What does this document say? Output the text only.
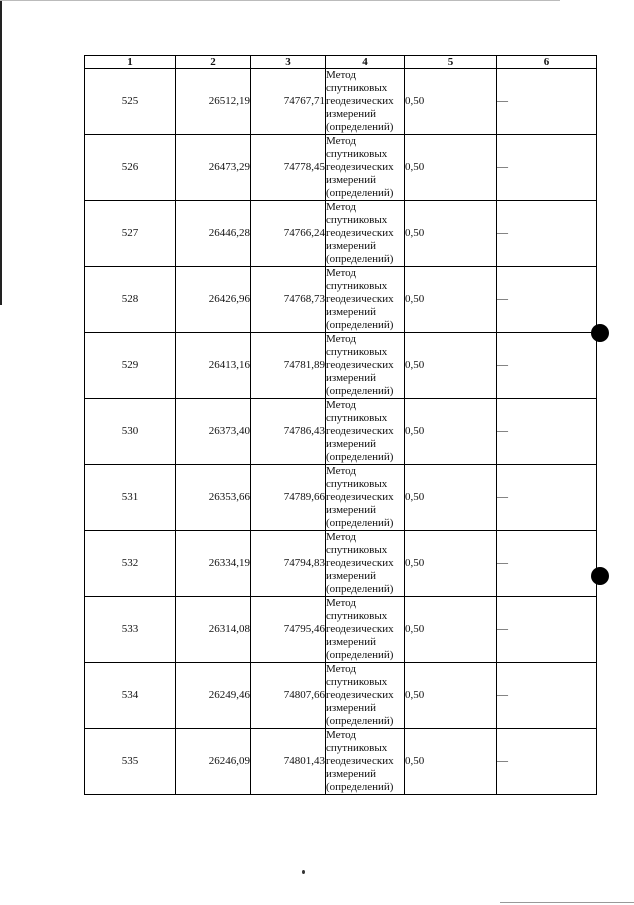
1	2	3	4	5	6
525	26512,19	74767,71	Метод
спутниковых
геодезических
измерений
(определений)	0,50	—
526	26473,29	74778,45	Метод
спутниковых
геодезических
измерений
(определений)	0,50	—
527	26446,28	74766,24	Метод
спутниковых
геодезических
измерений
(определений)	0,50	—
528	26426,96	74768,73	Метод
спутниковых
геодезических
измерений
(определений)	0,50	—
529	26413,16	74781,89	Метод
спутниковых
геодезических
измерений
(определений)	0,50	—
530	26373,40	74786,43	Метод
спутниковых
геодезических
измерений
(определений)	0,50	—
531	26353,66	74789,66	Метод
спутниковых
геодезических
измерений
(определений)	0,50	—
532	26334,19	74794,83	Метод
спутниковых
геодезических
измерений
(определений)	0,50	—
533	26314,08	74795,46	Метод
спутниковых
геодезических
измерений
(определений)	0,50	—
534	26249,46	74807,66	Метод
спутниковых
геодезических
измерений
(определений)	0,50	—
535	26246,09	74801,43	Метод
спутниковых
геодезических
измерений
(определений)	0,50	—
